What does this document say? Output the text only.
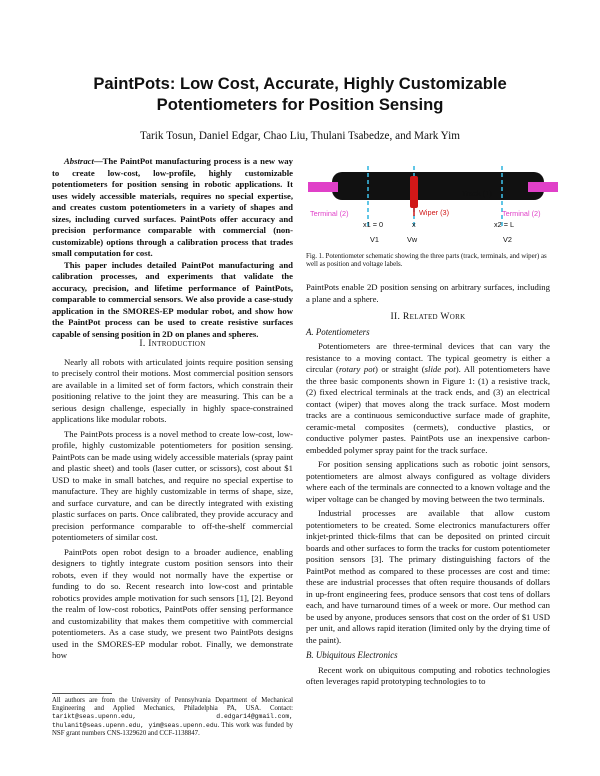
PaintPots: Low Cost, Accurate, Highly Customizable Potentiometers for Position Sensing
Tarik Tosun, Daniel Edgar, Chao Liu, Thulani Tsabedze, and Mark Yim

Abstract—The PaintPot manufacturing process is a new way to create low-cost, low-profile, highly customizable potentiometers for position sensing in robotic applications. It uses widely accessible materials, requires no special expertise, and creates custom potentiometers in a variety of shapes and sizes, including curved surfaces. PaintPots offer accuracy and precision performance comparable with commercial (non-customizable) options through a calibration process that trades small computation for cost.

This paper includes detailed PaintPot manufacturing and calibration processes, and experiments that validate the accuracy, precision, and lifetime performance of PaintPots, comparable to commercial sensors. We also provide a case-study application in the SMORES-EP modular robot, and show how the PaintPot process can be used to create resistive surfaces capable of sensing position in 2D on planes and spheres.

I. Introduction

Nearly all robots with articulated joints require position sensing to precisely control their motions. Most commercial position sensors are available in a limited set of form factors, which constrain their positioning relative to the joint they are measuring. This can be a serious design challenge, especially in highly space-constrained applications like modular robots.

The PaintPots process is a novel method to create low-cost, low-profile, highly customizable potentiometers for position sensing. PaintPots can be made using widely accessible materials (spray paint and plastic sheet) and tools (laser cutter, or scissors), cost about $1 USD to make in small batches, and require no special expertise to manufacture. They are highly customizable in terms of shape, size, and surface curvature, and can be directly integrated with existing plastic surfaces on parts. Once calibrated, they provide accuracy and precision performance comparable to off-the-shelf commercial potentiometers of similar cost.

PaintPots open robot design to a broader audience, enabling designers to tightly integrate custom position sensors into their robots, even if they would not normally have the expertise or funding to do so. Recent research into low-cost and printable robotics provides ample motivation for such sensors [1], [2]. Beyond the realm of low-cost robotics, PaintPots offer sensing performance and customizability that makes them competitive with commercial potentiometers. As a case study, we present two PaintPots designs used in the SMORES-EP modular robot. Finally, we demonstrate how

All authors are from the University of Pennsylvania Department of Mechanical Engineering and Applied Mechanics, Philadelphia PA, USA. Contact: tarikt@seas.upenn.edu, d.edgar14@gmail.com, thulanit@seas.upenn.edu, yim@seas.upenn.edu. This work was funded by NSF grant numbers CNS-1329620 and CCF-1138847.
Track (1)
Terminal (2)	Terminal (2)
Wiper (3)
x1 = 0	x	x2 = L
V1	Vw	V2
Fig. 1. Potentiometer schematic showing the three parts (track, terminals, and wiper) as well as position and voltage labels.

PaintPots enable 2D position sensing on arbitrary surfaces, including a plane and a sphere.

II. Related Work
A. Potentiometers

Potentiometers are three-terminal devices that can vary the resistance to a moving contact. The typical geometry is either a circular (rotary pot) or straight (slide pot). All potentiometers have the three basic components shown in Figure 1: (1) a resistive track, (2) fixed electrical terminals at the track ends, and (3) an electrical contact (wiper) that moves along the track surface. Most modern tracks are a continuous semiconductive surface made of graphite, ceramic-metal composites (cermets), conductive plastics, or conductive polymer pastes. PaintPots use an inexpensive carbon-embedded polymer spray paint for the track surface.

For position sensing applications such as robotic joint sensors, potentiometers are almost always configured as voltage dividers where each of the terminals are connected to a known voltage and the wiper voltage can be changed by moving between the two terminals.

Industrial processes are available that allow custom potentiometers to be created. Some electronics manufacturers offer inkjet-printed thick-films that can be deposited on printed circuit boards and other surfaces to form the tracks for custom potentiometer position sensors [3]. The primary distinguishing factors of the PaintPot method as compared to these processes are cost and time: these are industrial processes that often require thousands of dollars in up-front engineering fees, produce sensors that cost tens of dollars each, and have turnaround times of a week or more. Our method can be used by anyone, produces sensors that cost on the order of $1 USD per unit, and allows rapid iteration (limited only by the drying time of the paint).

B. Ubiquitous Electronics

Recent work on ubiquitous computing and robotics technologies often leverages rapid prototyping technologies to to
